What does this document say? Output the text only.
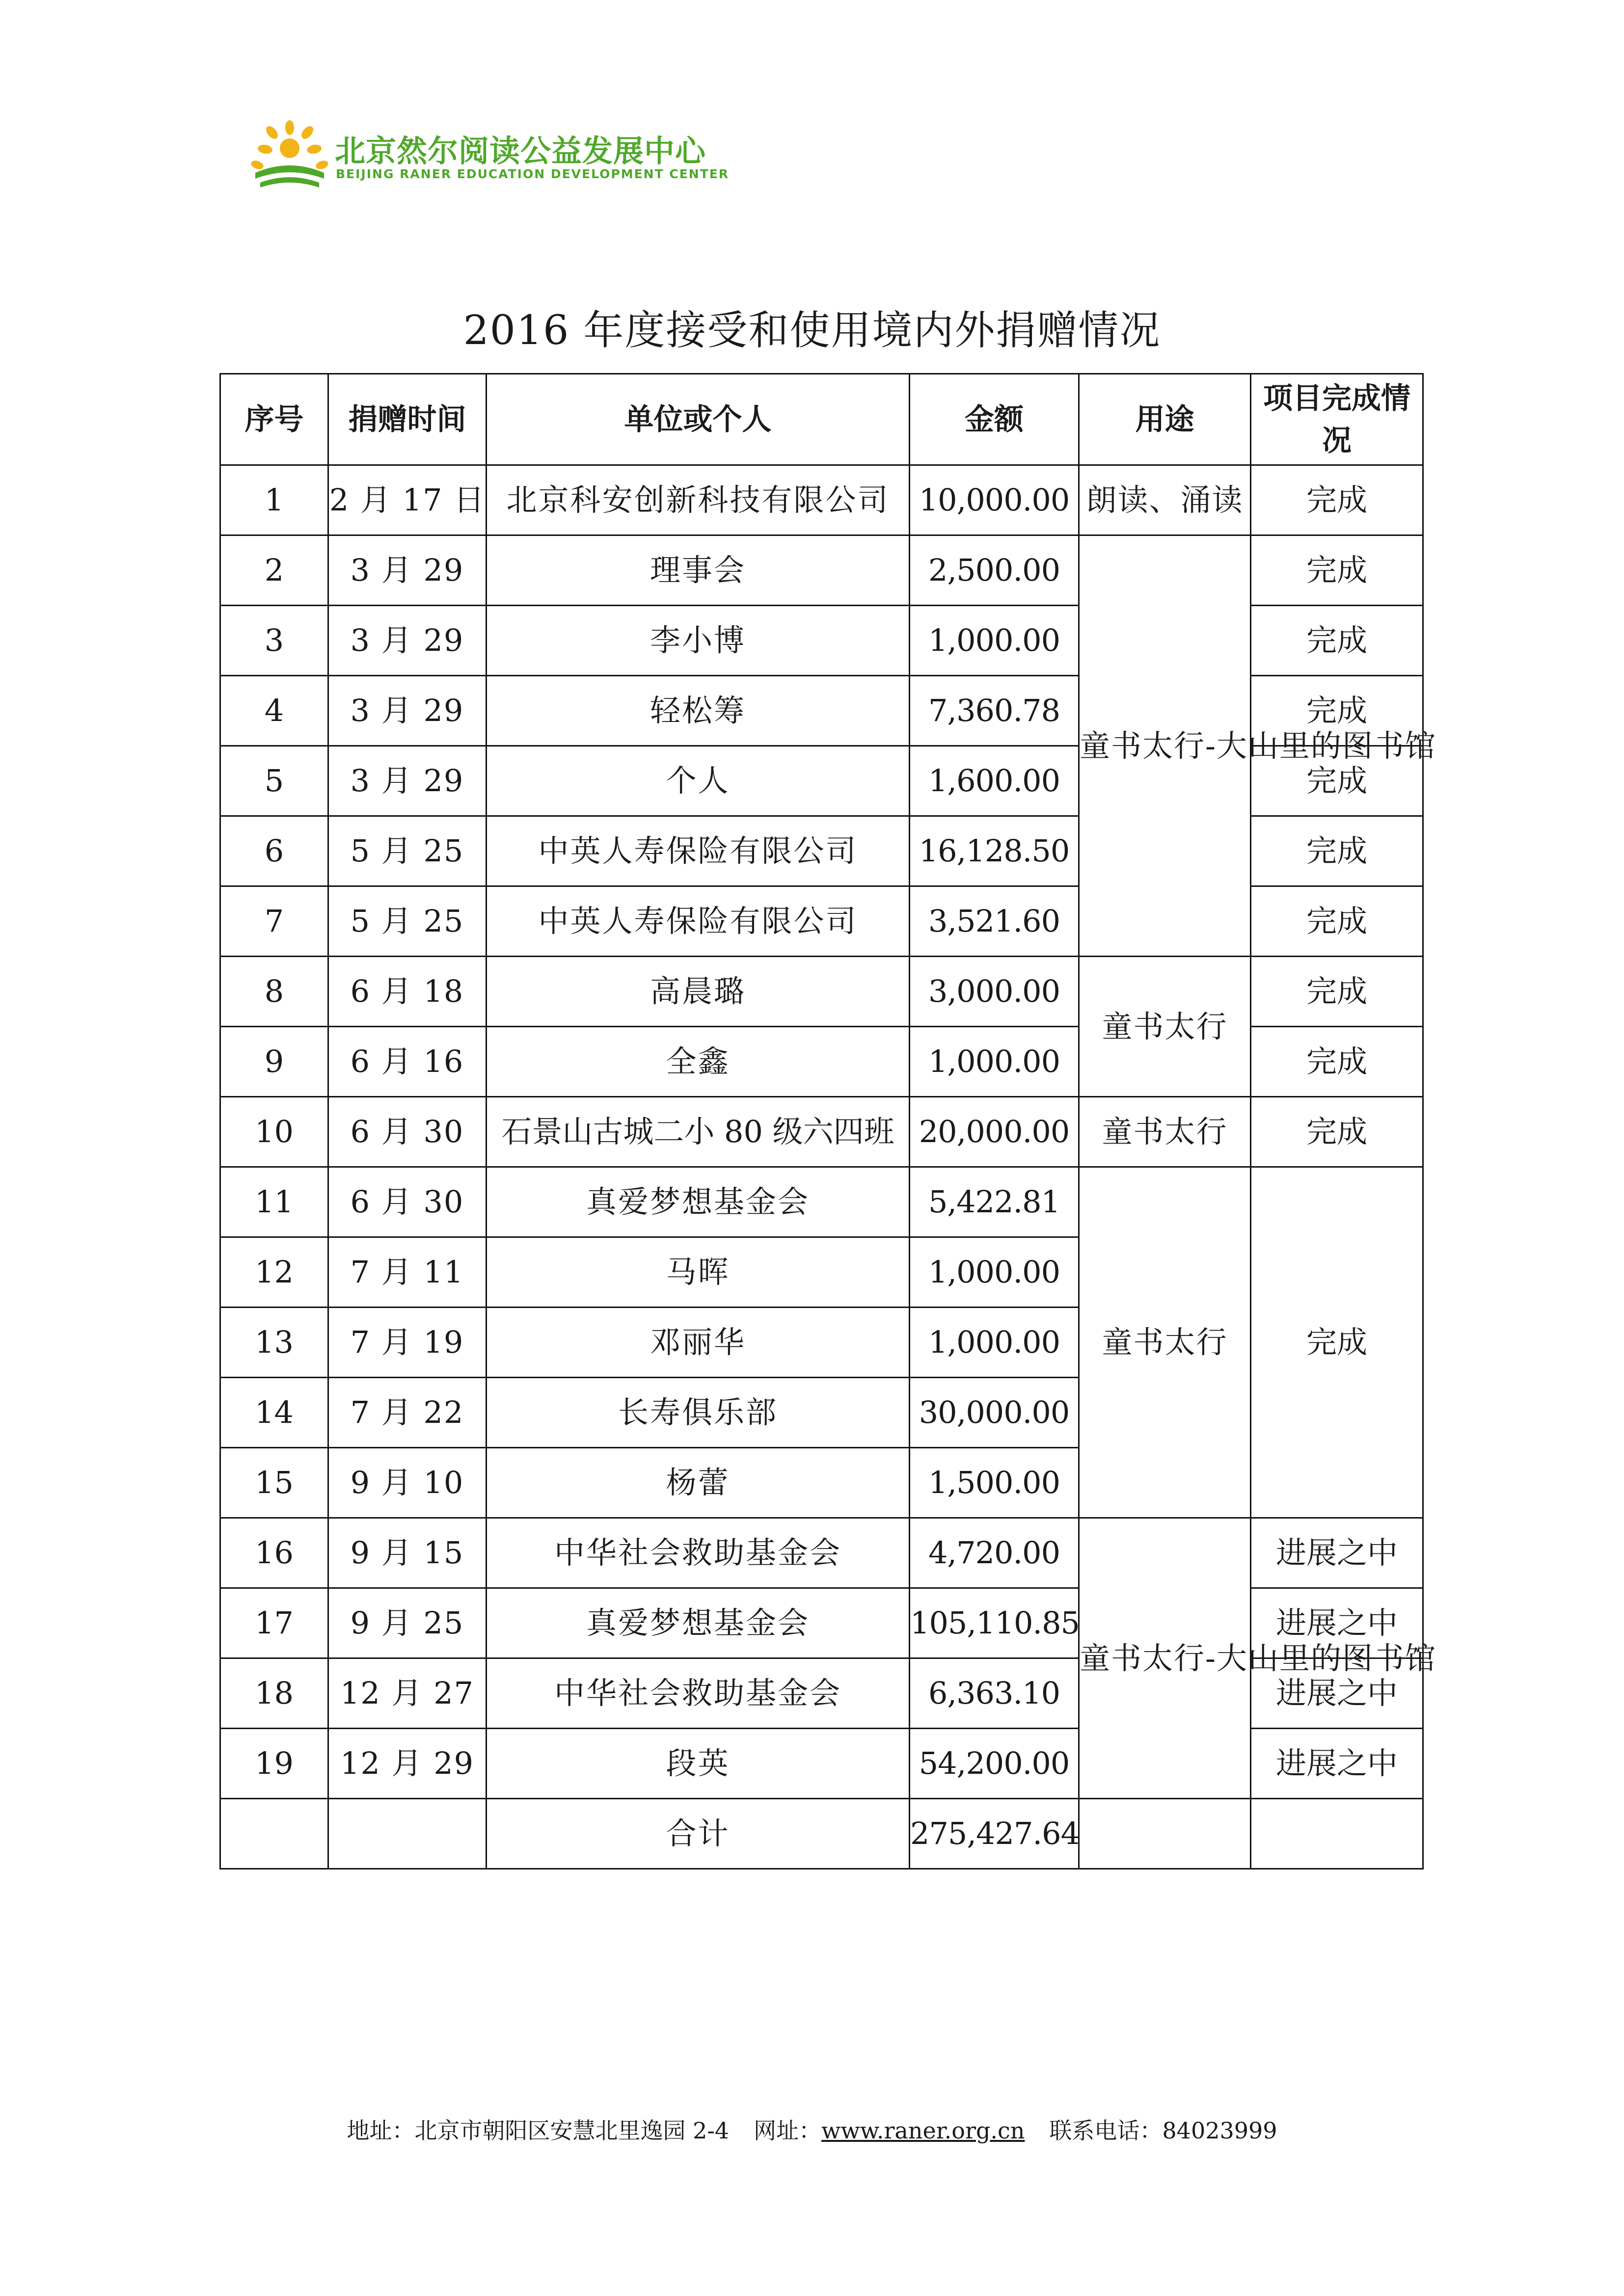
北京然尔阅读公益发展中心
BEIJING RANER EDUCATION DEVELOPMENT CENTER
2016 年度接受和使用境内外捐赠情况
序号	捐赠时间	单位或个人	金额	用途	项目完成情况
1	2 月 17 日	北京科安创新科技有限公司	10,000.00	朗读、涌读	完成
2	3 月 29	理事会	2,500.00	童书太行-大山里的图书馆	完成
3	3 月 29	李小博	1,000.00		完成
4	3 月 29	轻松筹	7,360.78		完成
5	3 月 29	个人	1,600.00		完成
6	5 月 25	中英人寿保险有限公司	16,128.50		完成
7	5 月 25	中英人寿保险有限公司	3,521.60		完成
8	6 月 18	高晨璐	3,000.00	童书太行	完成
9	6 月 16	全鑫	1,000.00		完成
10	6 月 30	石景山古城二小 80 级六四班	20,000.00	童书太行	完成
11	6 月 30	真爱梦想基金会	5,422.81	童书太行	完成
12	7 月 11	马晖	1,000.00		
13	7 月 19	邓丽华	1,000.00		
14	7 月 22	长寿俱乐部	30,000.00		
15	9 月 10	杨蕾	1,500.00		
16	9 月 15	中华社会救助基金会	4,720.00	童书太行-大山里的图书馆	进展之中
17	9 月 25	真爱梦想基金会	105,110.85		进展之中
18	12 月 27	中华社会救助基金会	6,363.10		进展之中
19	12 月 29	段英	54,200.00		进展之中
		合计	275,427.64		
地址：北京市朝阳区安慧北里逸园 2-4 网址：www.raner.org.cn 联系电话：84023999
